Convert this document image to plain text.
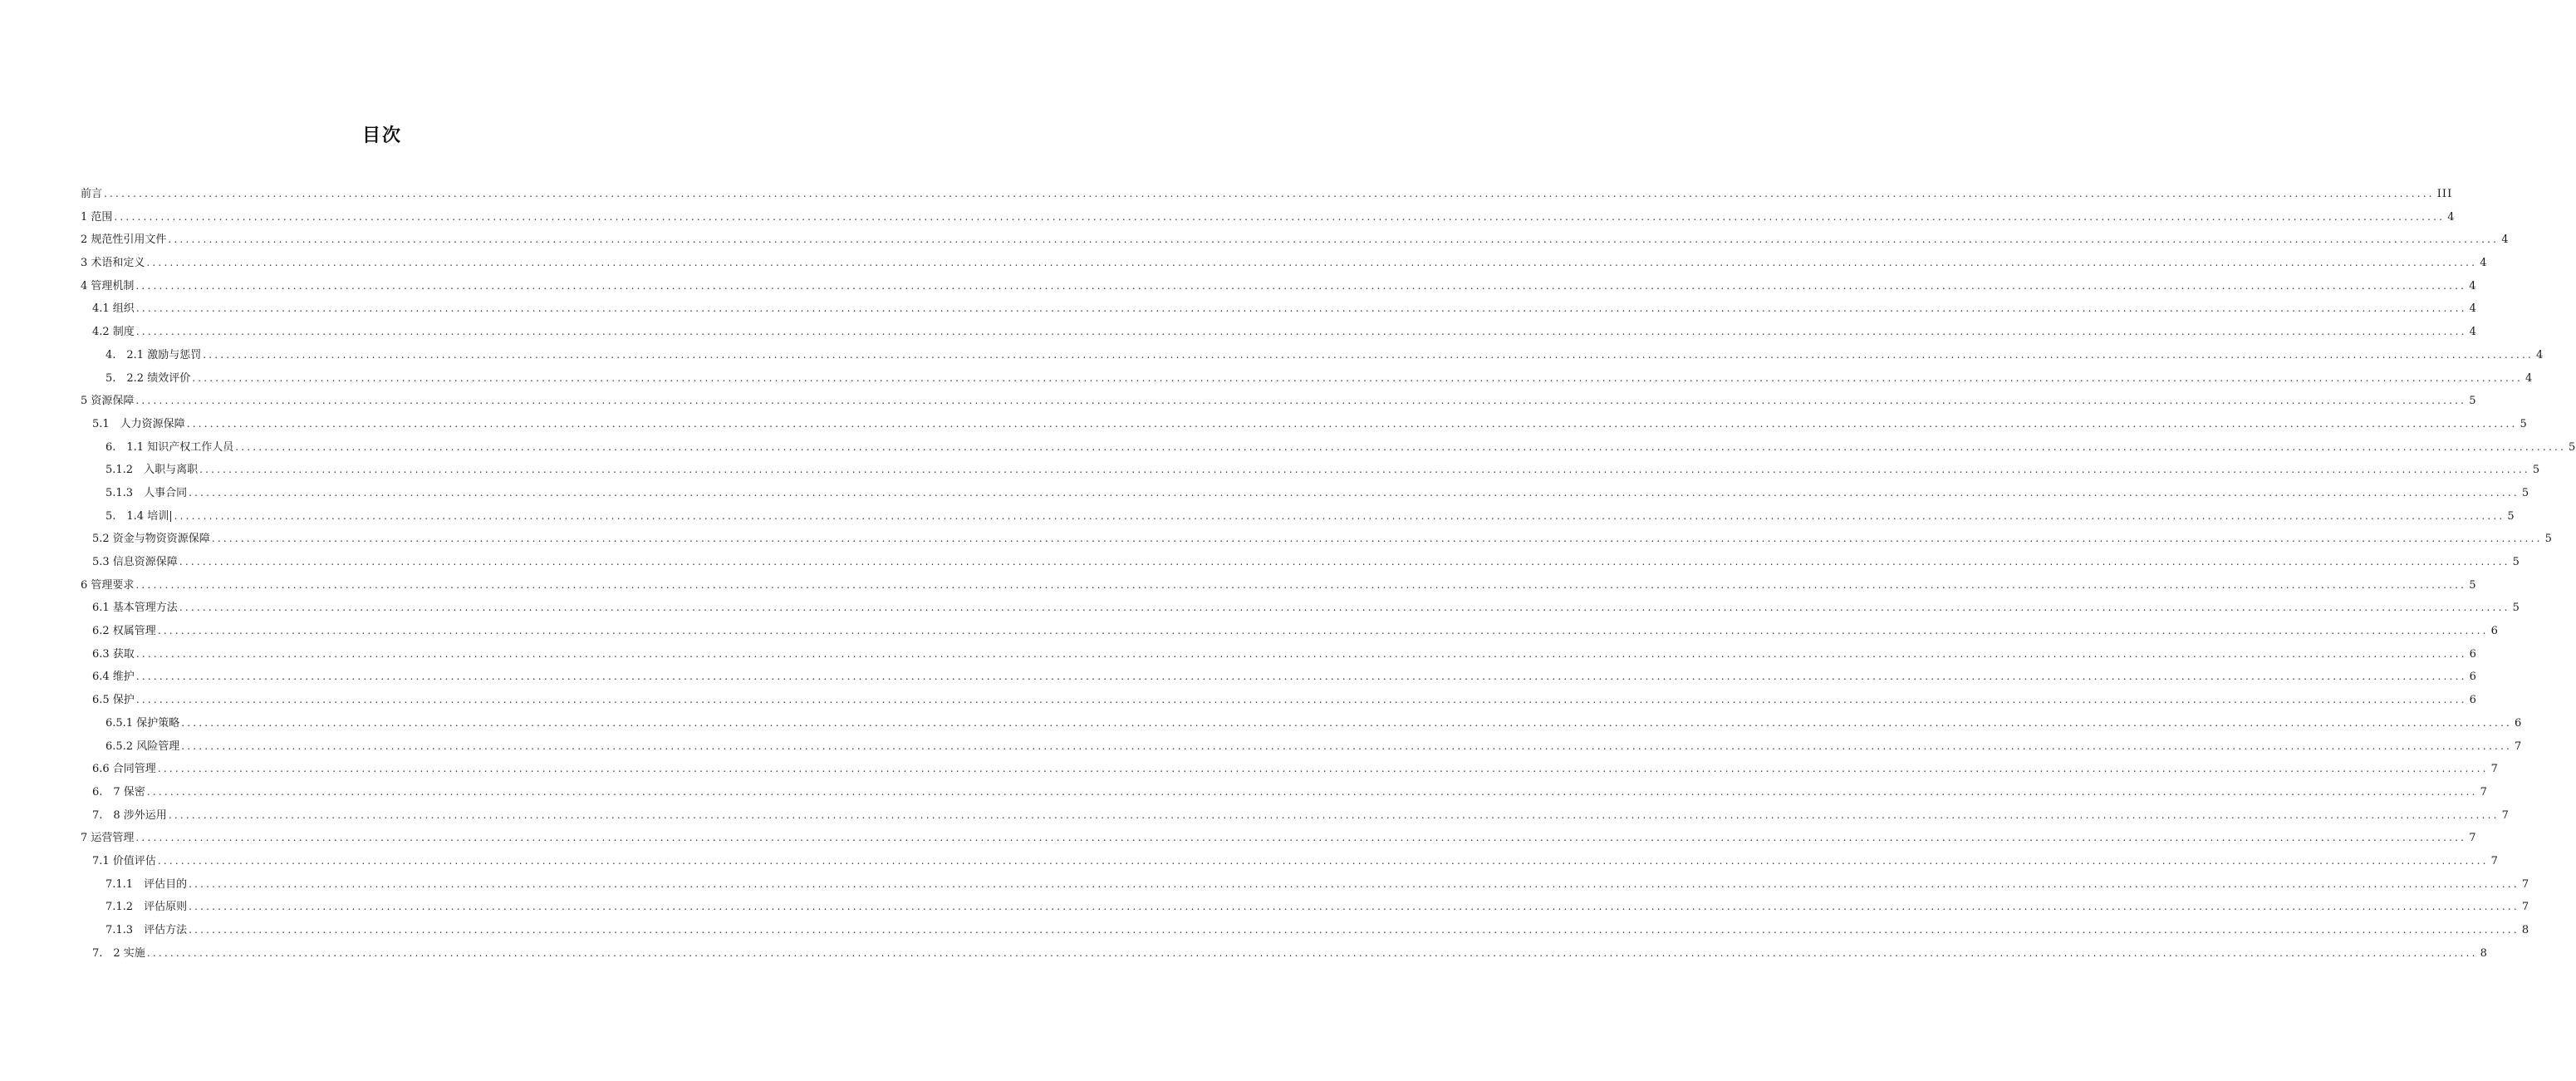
目次
前言 ................................................................................................................................................................................................................................................................................................................................................................................................................ III
1 范围 ................................................................................................................................................................................................................................................................................................................................................................................................................ 4
2 规范性引用文件 ................................................................................................................................................................................................................................................................................................................................................................................................................ 4
3 术语和定义 ................................................................................................................................................................................................................................................................................................................................................................................................................ 4
4 管理机制 ................................................................................................................................................................................................................................................................................................................................................................................................................ 4
4.1 组织 ................................................................................................................................................................................................................................................................................................................................................................................................................ 4
4.2 制度 ................................................................................................................................................................................................................................................................................................................................................................................................................ 4
4.　2.1 激励与惩罚 ................................................................................................................................................................................................................................................................................................................................................................................................................ 4
5.　2.2 绩效评价 ................................................................................................................................................................................................................................................................................................................................................................................................................ 4
5 资源保障 ................................................................................................................................................................................................................................................................................................................................................................................................................ 5
5.1　人力资源保障 ................................................................................................................................................................................................................................................................................................................................................................................................................ 5
6.　1.1 知识产权工作人员 ................................................................................................................................................................................................................................................................................................................................................................................................................ 5
5.1.2　入职与离职 ................................................................................................................................................................................................................................................................................................................................................................................................................ 5
5.1.3　人事合同 ................................................................................................................................................................................................................................................................................................................................................................................................................ 5
5.　1.4 培训| ................................................................................................................................................................................................................................................................................................................................................................................................................ 5
5.2 资金与物资资源保障 ................................................................................................................................................................................................................................................................................................................................................................................................................ 5
5.3 信息资源保障 ................................................................................................................................................................................................................................................................................................................................................................................................................ 5
6 管理要求 ................................................................................................................................................................................................................................................................................................................................................................................................................ 5
6.1 基本管理方法 ................................................................................................................................................................................................................................................................................................................................................................................................................ 5
6.2 权属管理 ................................................................................................................................................................................................................................................................................................................................................................................................................ 6
6.3 获取 ................................................................................................................................................................................................................................................................................................................................................................................................................ 6
6.4 维护 ................................................................................................................................................................................................................................................................................................................................................................................................................ 6
6.5 保护 ................................................................................................................................................................................................................................................................................................................................................................................................................ 6
6.5.1 保护策略 ................................................................................................................................................................................................................................................................................................................................................................................................................ 6
6.5.2 风险管理 ................................................................................................................................................................................................................................................................................................................................................................................................................ 7
6.6 合同管理 ................................................................................................................................................................................................................................................................................................................................................................................................................ 7
6.　7 保密 ................................................................................................................................................................................................................................................................................................................................................................................................................ 7
7.　8 涉外运用 ................................................................................................................................................................................................................................................................................................................................................................................................................ 7
7 运营管理 ................................................................................................................................................................................................................................................................................................................................................................................................................ 7
7.1 价值评估 ................................................................................................................................................................................................................................................................................................................................................................................................................ 7
7.1.1　评估目的 ................................................................................................................................................................................................................................................................................................................................................................................................................ 7
7.1.2　评估原则 ................................................................................................................................................................................................................................................................................................................................................................................................................ 7
7.1.3　评估方法 ................................................................................................................................................................................................................................................................................................................................................................................................................ 8
7.　2 实施 ................................................................................................................................................................................................................................................................................................................................................................................................................ 8
